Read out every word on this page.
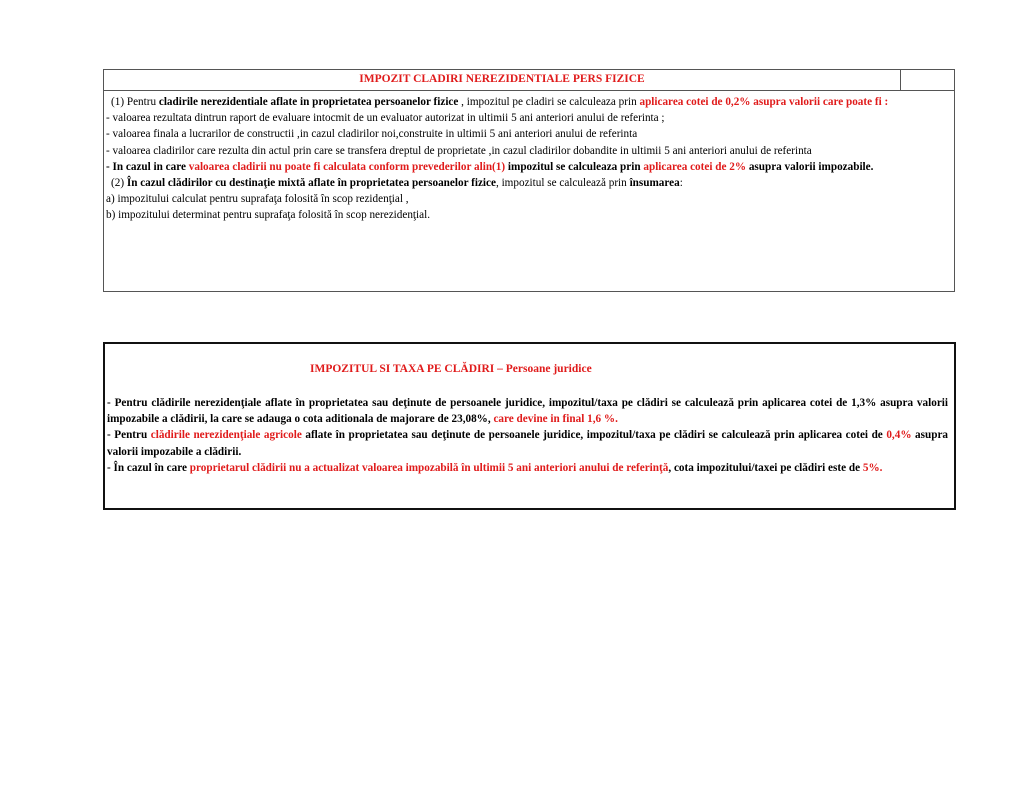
IMPOZIT CLADIRI NEREZIDENTIALE PERS FIZICE

(1) Pentru cladirile nerezidentiale aflate in proprietatea persoanelor fizice , impozitul pe cladiri se calculeaza prin aplicarea cotei de 0,2% asupra valorii care poate fi :

- valoarea rezultata dintrun raport de evaluare intocmit de un evaluator autorizat in ultimii 5 ani anteriori anului de referinta ;

- valoarea finala a lucrarilor de constructii ,in cazul cladirilor noi,construite in ultimii 5 ani anteriori anului de referinta

- valoarea cladirilor care rezulta din actul prin care se transfera dreptul de proprietate ,in cazul cladirilor dobandite in ultimii 5 ani anteriori anului de referinta

- In cazul in care valoarea cladirii nu poate fi calculata conform prevederilor alin(1) impozitul se calculeaza prin aplicarea cotei de 2% asupra valorii impozabile.

(2) În cazul clădirilor cu destinaţie mixtă aflate în proprietatea persoanelor fizice, impozitul se calculează prin însumarea:

a) impozitului calculat pentru suprafaţa folosită în scop rezidenţial ,

b) impozitului determinat pentru suprafaţa folosită în scop nerezidenţial.

IMPOZITUL SI TAXA PE CLĂDIRI – Persoane juridice

- Pentru clădirile nerezidenţiale aflate în proprietatea sau deţinute de persoanele juridice, impozitul/taxa pe clădiri se calculează prin aplicarea cotei de 1,3% asupra valorii impozabile a clădirii, la care se adauga o cota aditionala de majorare de 23,08%, care devine in final 1,6 %.

- Pentru clădirile nerezidenţiale agricole aflate în proprietatea sau deţinute de persoanele juridice, impozitul/taxa pe clădiri se calculează prin aplicarea cotei de 0,4% asupra valorii impozabile a clădirii.

- În cazul în care proprietarul clădirii nu a actualizat valoarea impozabilă în ultimii 5 ani anteriori anului de referinţă, cota impozitului/taxei pe clădiri este de 5%.
